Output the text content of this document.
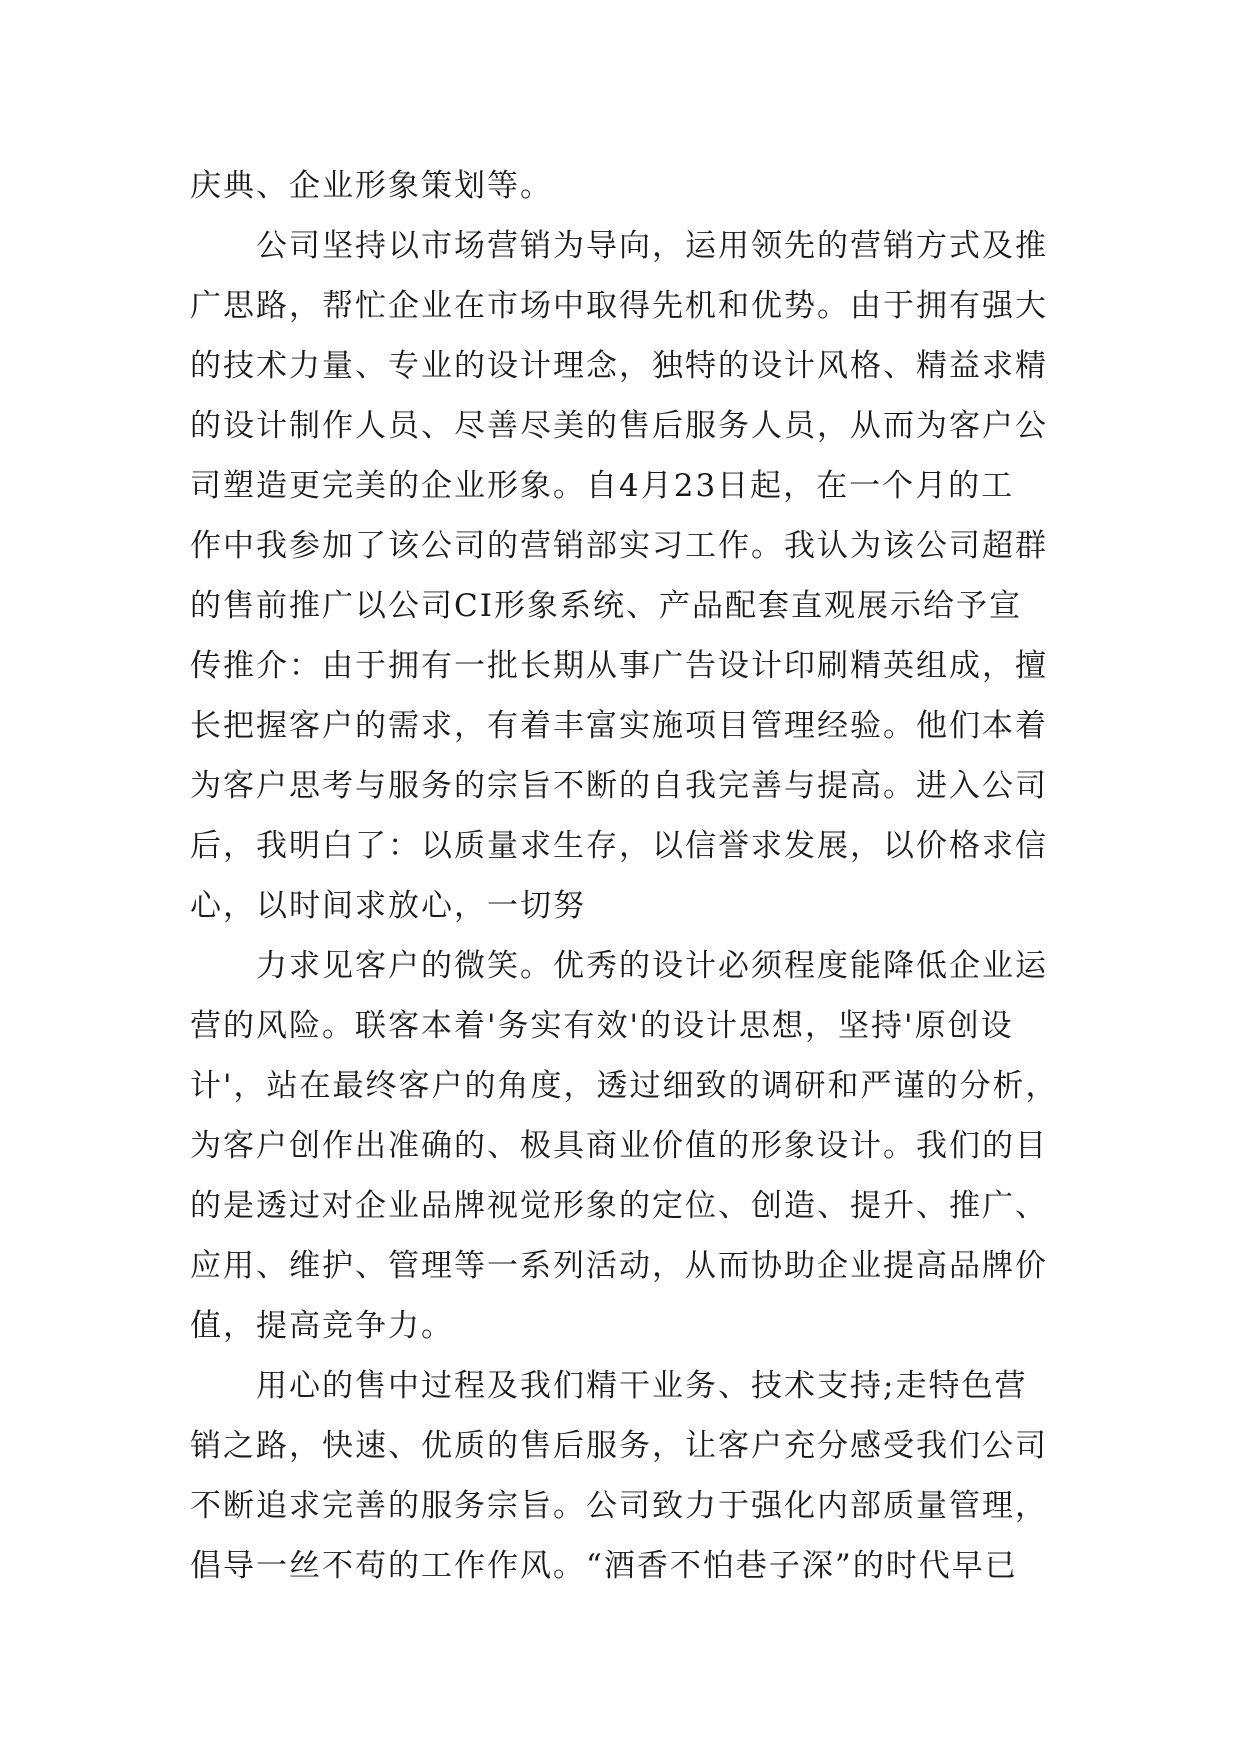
庆典、企业形象策划等。

公司坚持以市场营销为导向，运用领先的营销方式及推
广思路，帮忙企业在市场中取得先机和优势。由于拥有强大
的技术力量、专业的设计理念，独特的设计风格、精益求精
的设计制作人员、尽善尽美的售后服务人员，从而为客户公
司塑造更完美的企业形象。自4月23日起，在一个月的工
作中我参加了该公司的营销部实习工作。我认为该公司超群
的售前推广以公司CI形象系统、产品配套直观展示给予宣
传推介：由于拥有一批长期从事广告设计印刷精英组成，擅
长把握客户的需求，有着丰富实施项目管理经验。他们本着
为客户思考与服务的宗旨不断的自我完善与提高。进入公司
后，我明白了：以质量求生存，以信誉求发展，以价格求信
心，以时间求放心，一切努

力求见客户的微笑。优秀的设计必须程度能降低企业运
营的风险。联客本着'务实有效'的设计思想，坚持'原创设
计'，站在最终客户的角度，透过细致的调研和严谨的分析，
为客户创作出准确的、极具商业价值的形象设计。我们的目
的是透过对企业品牌视觉形象的定位、创造、提升、推广、
应用、维护、管理等一系列活动，从而协助企业提高品牌价
值，提高竞争力。

用心的售中过程及我们精干业务、技术支持;走特色营
销之路，快速、优质的售后服务，让客户充分感受我们公司
不断追求完善的服务宗旨。公司致力于强化内部质量管理，
倡导一丝不苟的工作作风。“酒香不怕巷子深”的时代早已
